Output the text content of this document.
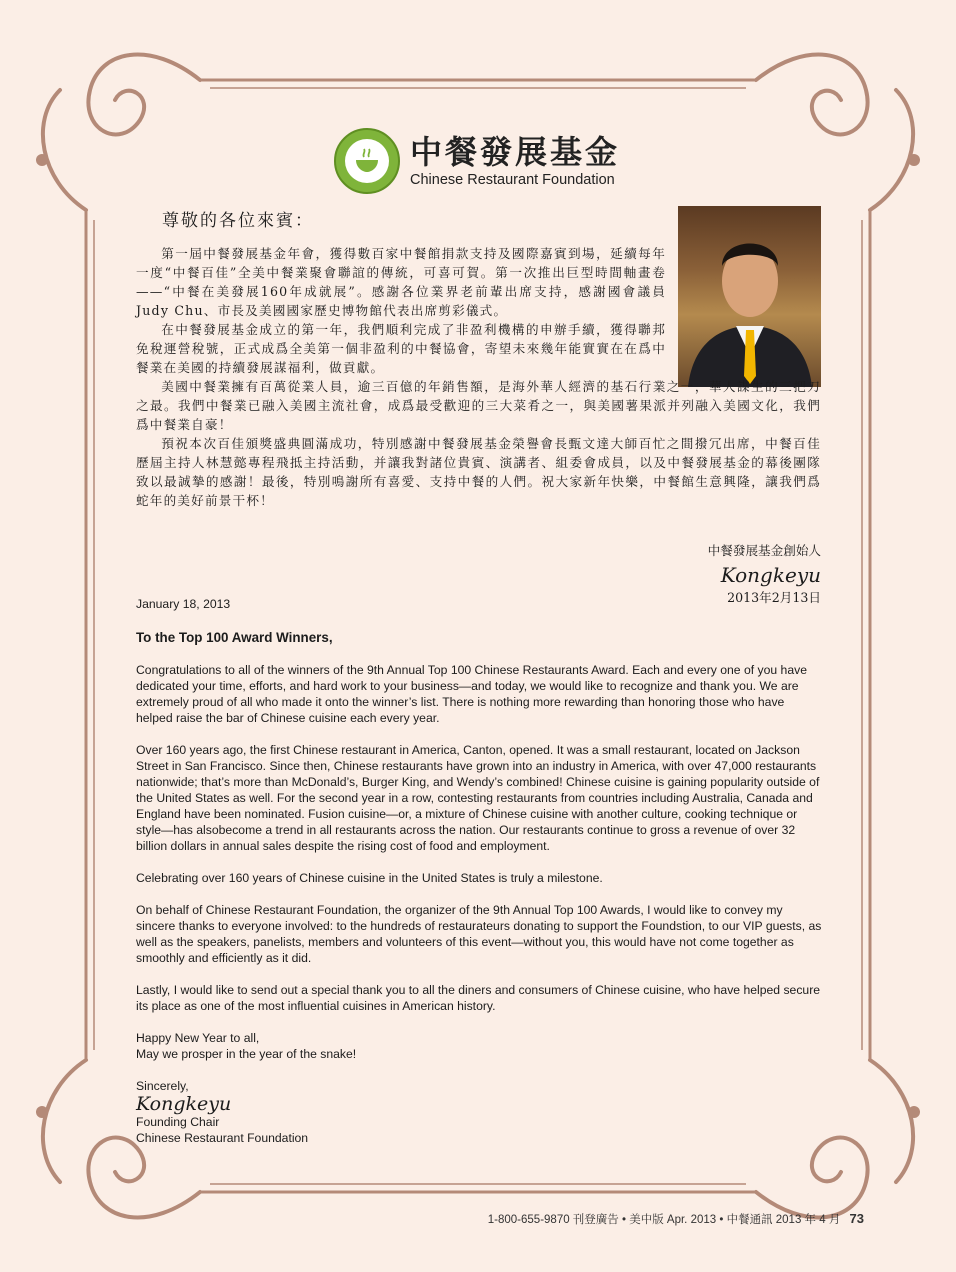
中餐發展基金
Chinese Restaurant Foundation
尊敬的各位來賓：

第一屆中餐發展基金年會，獲得數百家中餐館捐款支持及國際嘉賓到場，延續每年一度“中餐百佳”全美中餐業聚會聯誼的傳統，可喜可賀。第一次推出巨型時間軸畫卷——“中餐在美發展160年成就展”。感謝各位業界老前輩出席支持，感謝國會議員Judy Chu、市長及美國國家歷史博物館代表出席剪彩儀式。

在中餐發展基金成立的第一年，我們順利完成了非盈利機構的申辦手續，獲得聯邦免稅運營稅號，正式成爲全美第一個非盈利的中餐協會，寄望未來幾年能實實在在爲中餐業在美國的持續發展謀福利，做貢獻。

美國中餐業擁有百萬從業人員，逾三百億的年銷售額，是海外華人經濟的基石行業之一，華人謀生的三把刀之最。我們中餐業已融入美國主流社會，成爲最受歡迎的三大菜肴之一，與美國薯果派并列融入美國文化，我們爲中餐業自豪！

預祝本次百佳頒獎盛典圓滿成功，特別感謝中餐發展基金榮譽會長甄文達大師百忙之間撥冗出席，中餐百佳歷屆主持人林慧懿專程飛抵主持活動，并讓我對諸位貴賓、演講者、組委會成員，以及中餐發展基金的幕後團隊致以最誠摯的感謝！最後，特別鳴謝所有喜愛、支持中餐的人們。祝大家新年快樂，中餐館生意興隆，讓我們爲蛇年的美好前景干杯！

中餐發展基金創始人
Kongkeyu
2013年2月13日

January 18, 2013

To the Top 100 Award Winners,

Congratulations to all of the winners of the 9th Annual Top 100 Chinese Restaurants Award. Each and every one of you have dedicated your time, efforts, and hard work to your business—and today, we would like to recognize and thank you. We are extremely proud of all who made it onto the winner’s list. There is nothing more rewarding than honoring those who have helped raise the bar of Chinese cuisine each every year.

Over 160 years ago, the first Chinese restaurant in America, Canton, opened. It was a small restaurant, located on Jackson Street in San Francisco. Since then, Chinese restaurants have grown into an industry in America, with over 47,000 restaurants nationwide; that’s more than McDonald’s, Burger King, and Wendy’s combined! Chinese cuisine is gaining popularity outside of the United States as well. For the second year in a row, contesting restaurants from countries including Australia, Canada and England have been nominated. Fusion cuisine—or, a mixture of Chinese cuisine with another culture, cooking technique or style—has alsobecome a trend in all restaurants across the nation. Our restaurants continue to gross a revenue of over 32 billion dollars in annual sales despite the rising cost of food and employment.

Celebrating over 160 years of Chinese cuisine in the United States is truly a milestone.

On behalf of Chinese Restaurant Foundation, the organizer of the 9th Annual Top 100 Awards, I would like to convey my sincere thanks to everyone involved: to the hundreds of restaurateurs donating to support the Foundstion, to our VIP guests, as well as the speakers, panelists, members and volunteers of this event—without you, this would have not come together as smoothly and efficiently as it did.

Lastly, I would like to send out a special thank you to all the diners and consumers of Chinese cuisine, who have helped secure its place as one of the most influential cuisines in American history.

Happy New Year to all,
May we prosper in the year of the snake!

Sincerely,
Kongkeyu
Founding Chair
Chinese Restaurant Foundation
1-800-655-9870 刊登廣告 • 美中版 Apr. 2013 • 中餐通訊 2013 年 4 月 73
